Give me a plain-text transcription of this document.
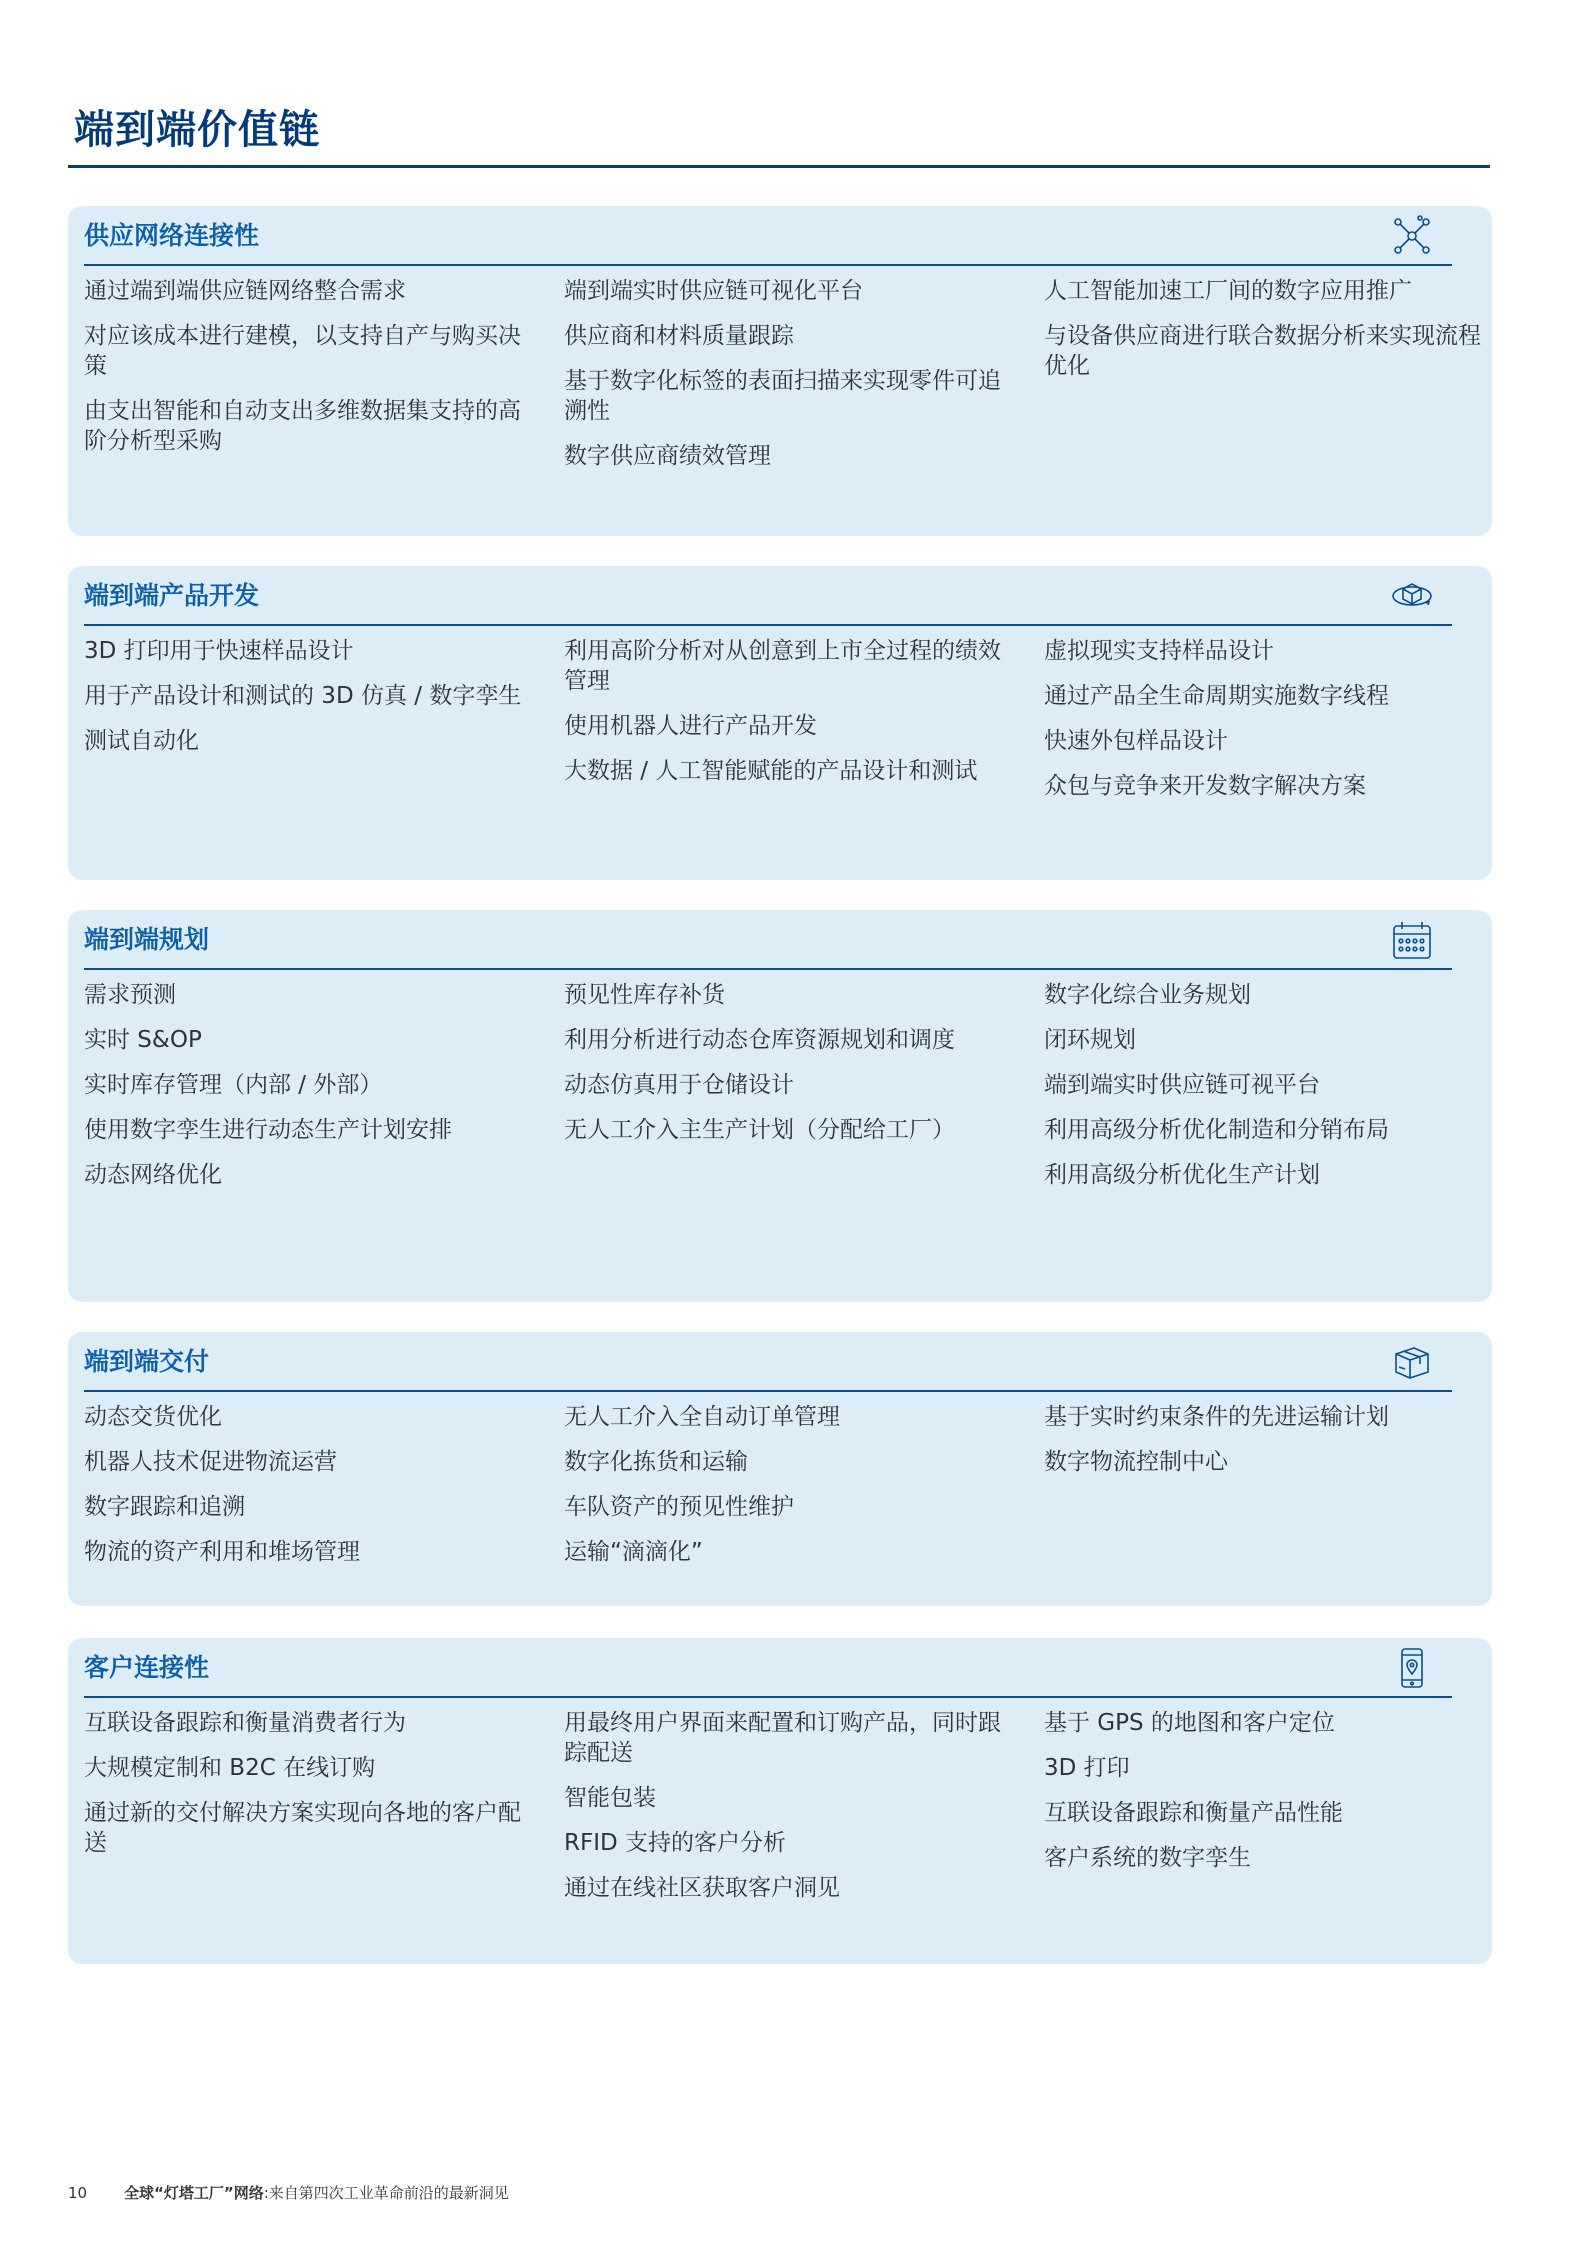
端到端价值链
供应网络连接性

通过端到端供应链网络整合需求

对应该成本进行建模，以支持自产与购买决策

由支出智能和自动支出多维数据集支持的高阶分析型采购

端到端实时供应链可视化平台

供应商和材料质量跟踪

基于数字化标签的表面扫描来实现零件可追溯性

数字供应商绩效管理

人工智能加速工厂间的数字应用推广

与设备供应商进行联合数据分析来实现流程优化

端到端产品开发

3D 打印用于快速样品设计

用于产品设计和测试的 3D 仿真 / 数字孪生

测试自动化

利用高阶分析对从创意到上市全过程的绩效管理

使用机器人进行产品开发

大数据 / 人工智能赋能的产品设计和测试

虚拟现实支持样品设计

通过产品全生命周期实施数字线程

快速外包样品设计

众包与竞争来开发数字解决方案

端到端规划

需求预测

实时 S&OP

实时库存管理（内部 / 外部）

使用数字孪生进行动态生产计划安排

动态网络优化

预见性库存补货

利用分析进行动态仓库资源规划和调度

动态仿真用于仓储设计

无人工介入主生产计划（分配给工厂）

数字化综合业务规划

闭环规划

端到端实时供应链可视平台

利用高级分析优化制造和分销布局

利用高级分析优化生产计划

端到端交付

动态交货优化

机器人技术促进物流运营

数字跟踪和追溯

物流的资产利用和堆场管理

无人工介入全自动订单管理

数字化拣货和运输

车队资产的预见性维护

运输“滴滴化”

基于实时约束条件的先进运输计划

数字物流控制中心

客户连接性

互联设备跟踪和衡量消费者行为

大规模定制和 B2C 在线订购

通过新的交付解决方案实现向各地的客户配送

用最终用户界面来配置和订购产品，同时跟踪配送

智能包装

RFID 支持的客户分析

通过在线社区获取客户洞见

基于 GPS 的地图和客户定位

3D 打印

互联设备跟踪和衡量产品性能

客户系统的数字孪生

10 全球“灯塔工厂”网络:来自第四次工业革命前沿的最新洞见
